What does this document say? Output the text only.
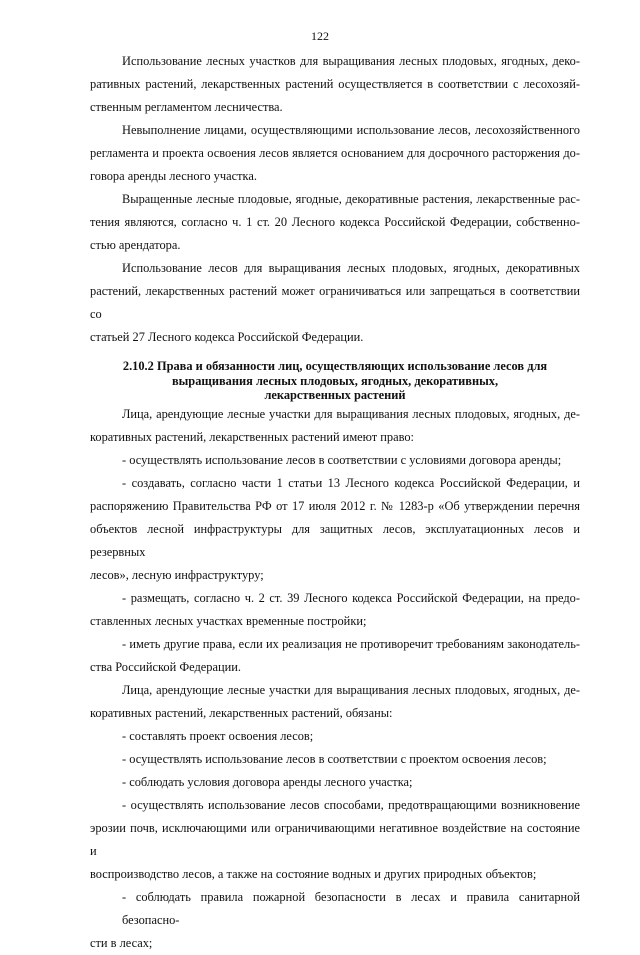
122

Использование лесных участков для выращивания лесных плодовых, ягодных, деко-
ративных растений, лекарственных растений осуществляется в соответствии с лесохозяй-
ственным регламентом лесничества.

Невыполнение лицами, осуществляющими использование лесов, лесохозяйственного
регламента и проекта освоения лесов является основанием для досрочного расторжения до-
говора аренды лесного участка.

Выращенные лесные плодовые, ягодные, декоративные растения, лекарственные рас-
тения являются, согласно ч. 1 ст. 20 Лесного кодекса Российской Федерации, собственно-
стью арендатора.

Использование лесов для выращивания лесных плодовых, ягодных, декоративных
растений, лекарственных растений может ограничиваться или запрещаться в соответствии со
статьей 27 Лесного кодекса Российской Федерации.

2.10.2 Права и обязанности лиц, осуществляющих использование лесов для
выращивания лесных плодовых, ягодных, декоративных,
лекарственных растений

Лица, арендующие лесные участки для выращивания лесных плодовых, ягодных, де-
коративных растений, лекарственных растений имеют право:

- осуществлять использование лесов в соответствии с условиями договора аренды;

- создавать, согласно части 1 статьи 13 Лесного кодекса Российской Федерации, и
распоряжению Правительства РФ от 17 июля 2012 г. № 1283-р «Об утверждении перечня
объектов лесной инфраструктуры для защитных лесов, эксплуатационных лесов и резервных
лесов», лесную инфраструктуру;

- размещать, согласно ч. 2 ст. 39 Лесного кодекса Российской Федерации, на предо-
ставленных лесных участках временные постройки;

- иметь другие права, если их реализация не противоречит требованиям законодатель-
ства Российской Федерации.

Лица, арендующие лесные участки для выращивания лесных плодовых, ягодных, де-
коративных растений, лекарственных растений, обязаны:

- составлять проект освоения лесов;

- осуществлять использование лесов в соответствии с проектом освоения лесов;

- соблюдать условия договора аренды лесного участка;

- осуществлять использование лесов способами, предотвращающими возникновение
эрозии почв, исключающими или ограничивающими негативное воздействие на состояние и
воспроизводство лесов, а также на состояние водных и других природных объектов;

- соблюдать правила пожарной безопасности в лесах и правила санитарной безопасно-
сти в лесах;
